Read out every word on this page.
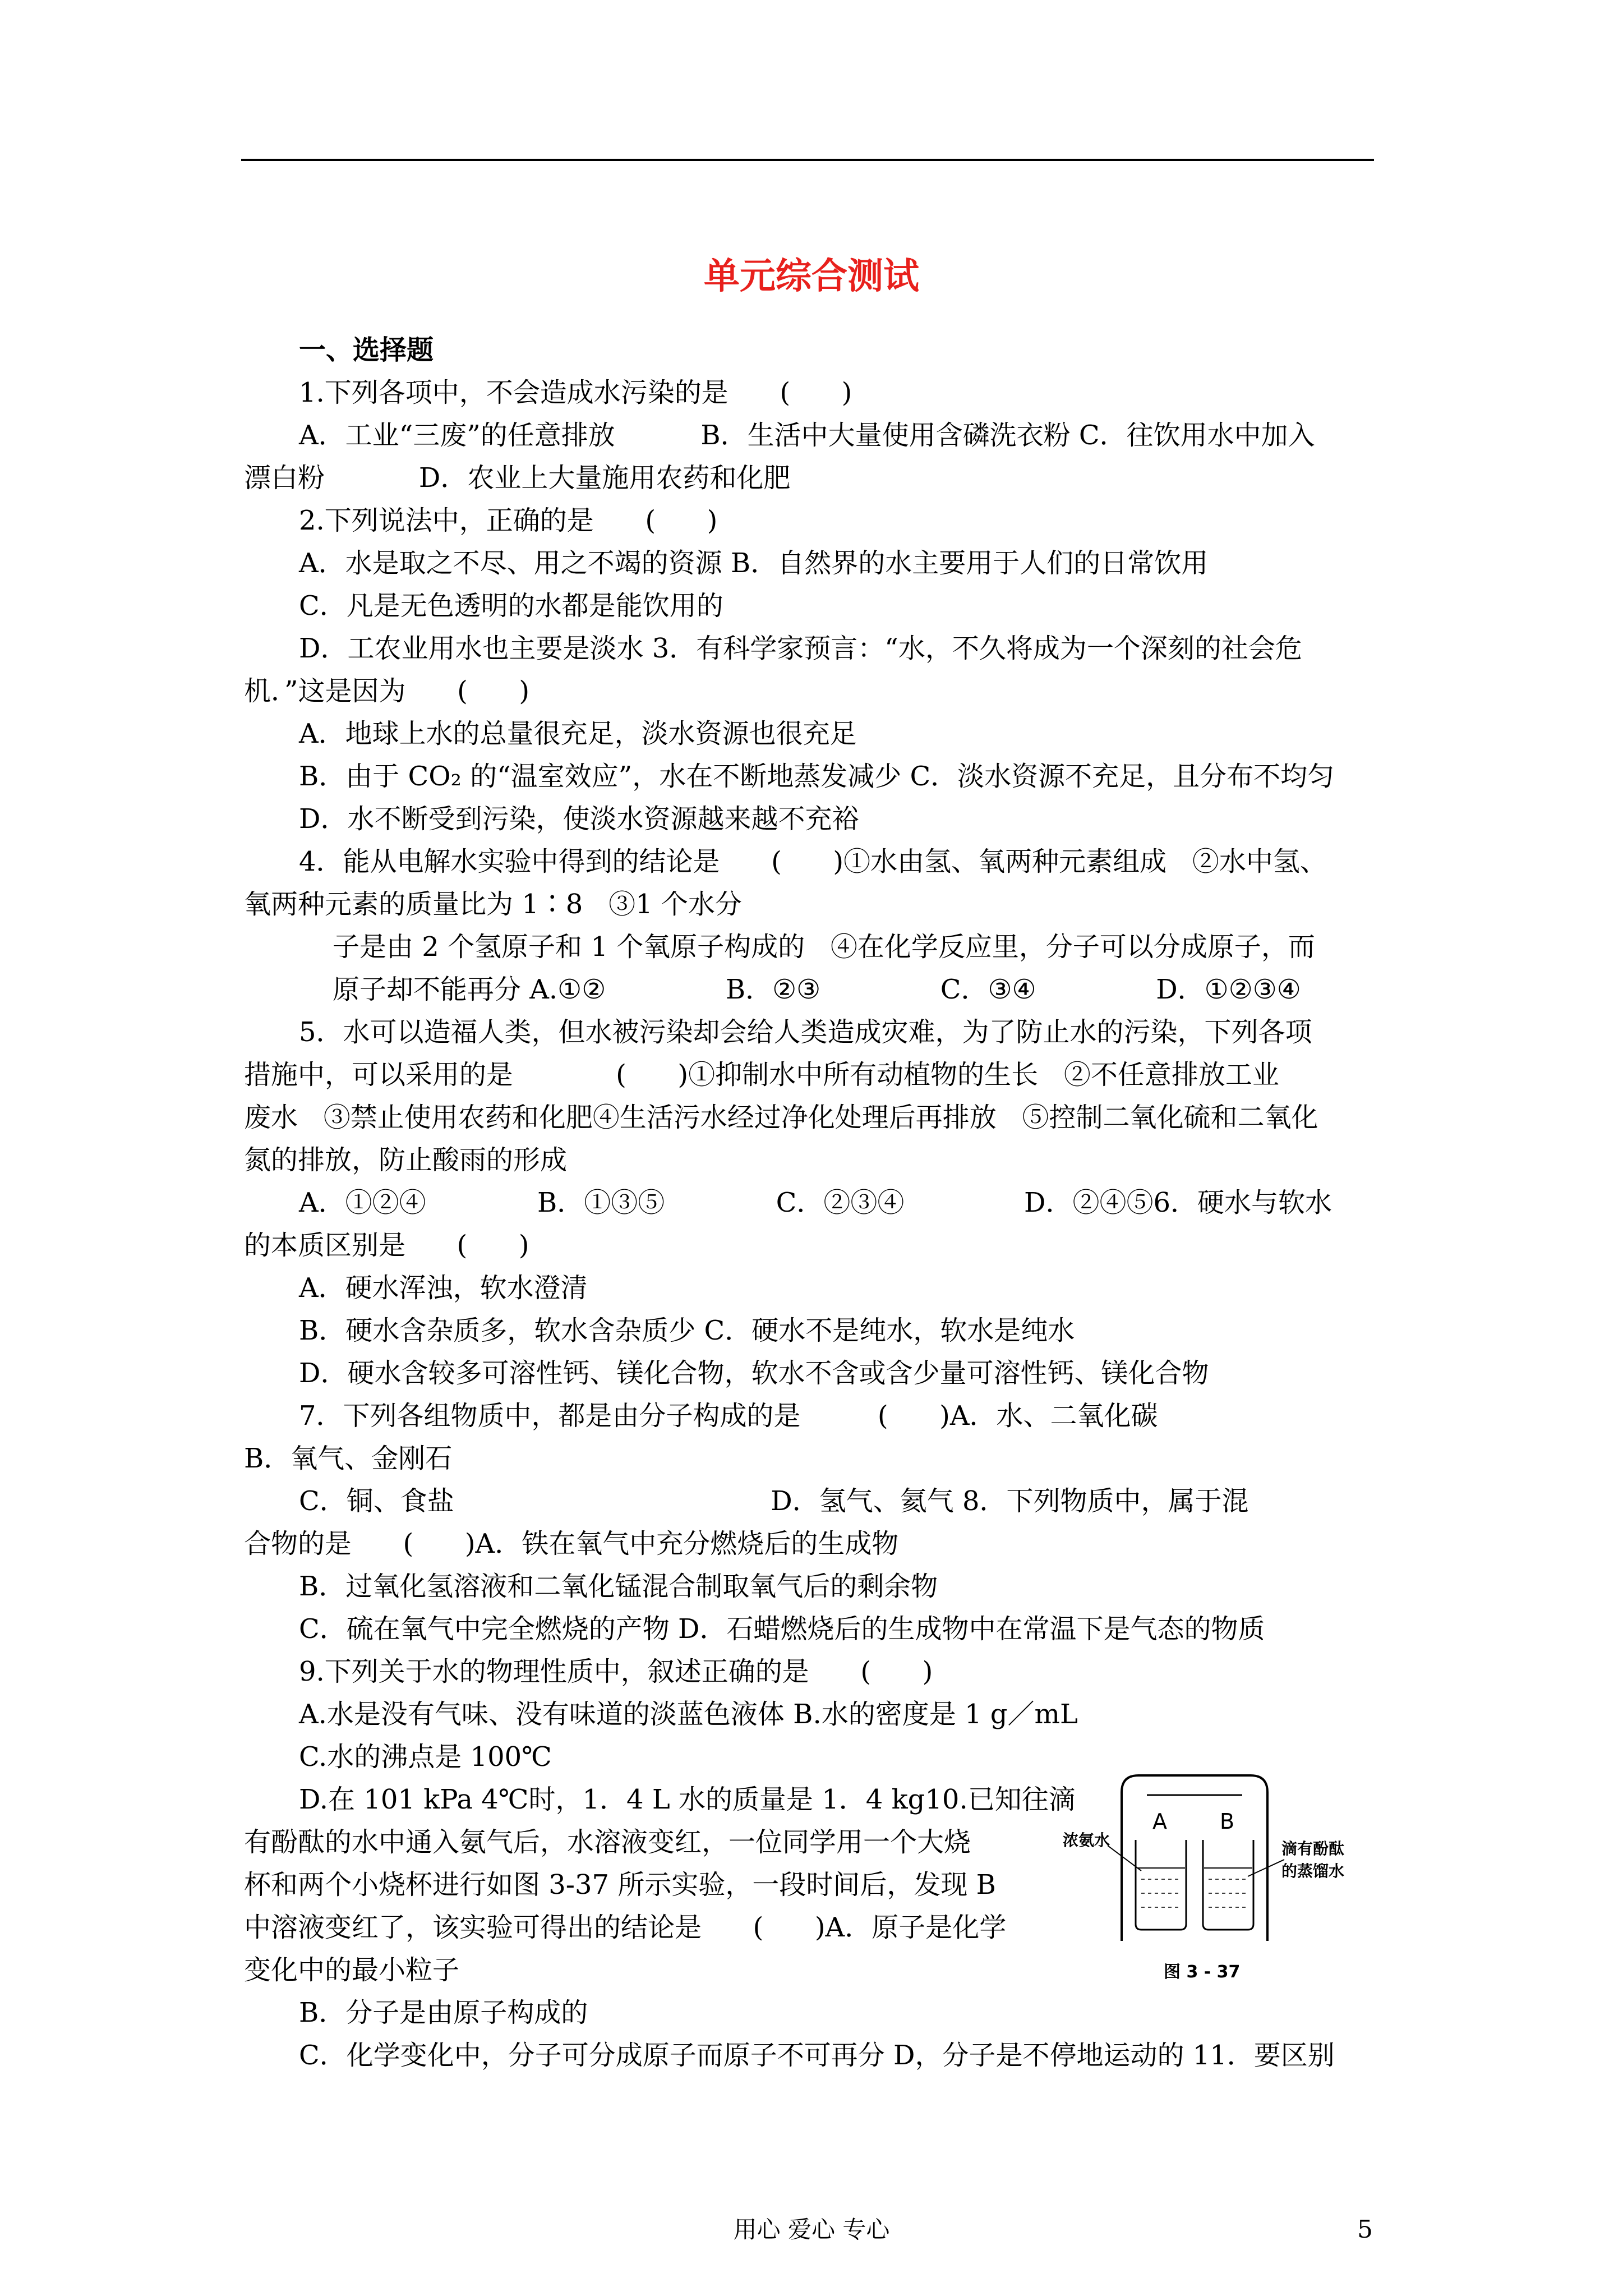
单元综合测试

一、选择题

1.下列各项中，不会造成水污染的是      (      )

A．工业“三废”的任意排放          B．生活中大量使用含磷洗衣粉 C．往饮用水中加入

漂白粉           D．农业上大量施用农药和化肥

2.下列说法中，正确的是      (      )

A．水是取之不尽、用之不竭的资源 B．自然界的水主要用于人们的日常饮用

C．凡是无色透明的水都是能饮用的

D．工农业用水也主要是淡水 3．有科学家预言：“水，不久将成为一个深刻的社会危

机．”这是因为      (      )

A．地球上水的总量很充足，淡水资源也很充足

B．由于 CO₂ 的“温室效应”，水在不断地蒸发减少 C．淡水资源不充足，且分布不均匀

D．水不断受到污染，使淡水资源越来越不充裕

4．能从电解水实验中得到的结论是      (      )①水由氢、氧两种元素组成   ②水中氢、

氧两种元素的质量比为 1∶8   ③1 个水分

子是由 2 个氢原子和 1 个氧原子构成的   ④在化学反应里，分子可以分成原子，而

原子却不能再分 A.①②              B．②③              C．③④              D．①②③④

5．水可以造福人类，但水被污染却会给人类造成灾难，为了防止水的污染，下列各项

措施中，可以采用的是            (      )①抑制水中所有动植物的生长   ②不任意排放工业

废水   ③禁止使用农药和化肥④生活污水经过净化处理后再排放   ⑤控制二氧化硫和二氧化

氮的排放，防止酸雨的形成

A．①②④             B．①③⑤             C．②③④              D．②④⑤6．硬水与软水

的本质区别是      (      )

A．硬水浑浊，软水澄清

B．硬水含杂质多，软水含杂质少 C．硬水不是纯水，软水是纯水

D．硬水含较多可溶性钙、镁化合物，软水不含或含少量可溶性钙、镁化合物

7．下列各组物质中，都是由分子构成的是         (      )A．水、二氧化碳

B．氧气、金刚石

C．铜、食盐                                     D．氢气、氦气 8．下列物质中，属于混

合物的是      (      )A．铁在氧气中充分燃烧后的生成物

B．过氧化氢溶液和二氧化锰混合制取氧气后的剩余物

C．硫在氧气中完全燃烧的产物 D．石蜡燃烧后的生成物中在常温下是气态的物质

9.下列关于水的物理性质中，叙述正确的是      (      )

A.水是没有气味、没有味道的淡蓝色液体 B.水的密度是 1 g／mL

C.水的沸点是 100℃

D.在 101 kPa 4℃时，1．4 L 水的质量是 1．4 kg10.已知往滴

有酚酞的水中通入氨气后，水溶液变红，一位同学用一个大烧

杯和两个小烧杯进行如图 3-37 所示实验，一段时间后，发现 B

中溶液变红了，该实验可得出的结论是      (      )A．原子是化学

变化中的最小粒子

B．分子是由原子构成的

C．化学变化中，分子可分成原子而原子不可再分 D，分子是不停地运动的 11．要区别

A B
浓氨水	滴有酚酞
的蒸馏水
图 3 - 37
用心 爱心 专心	5
